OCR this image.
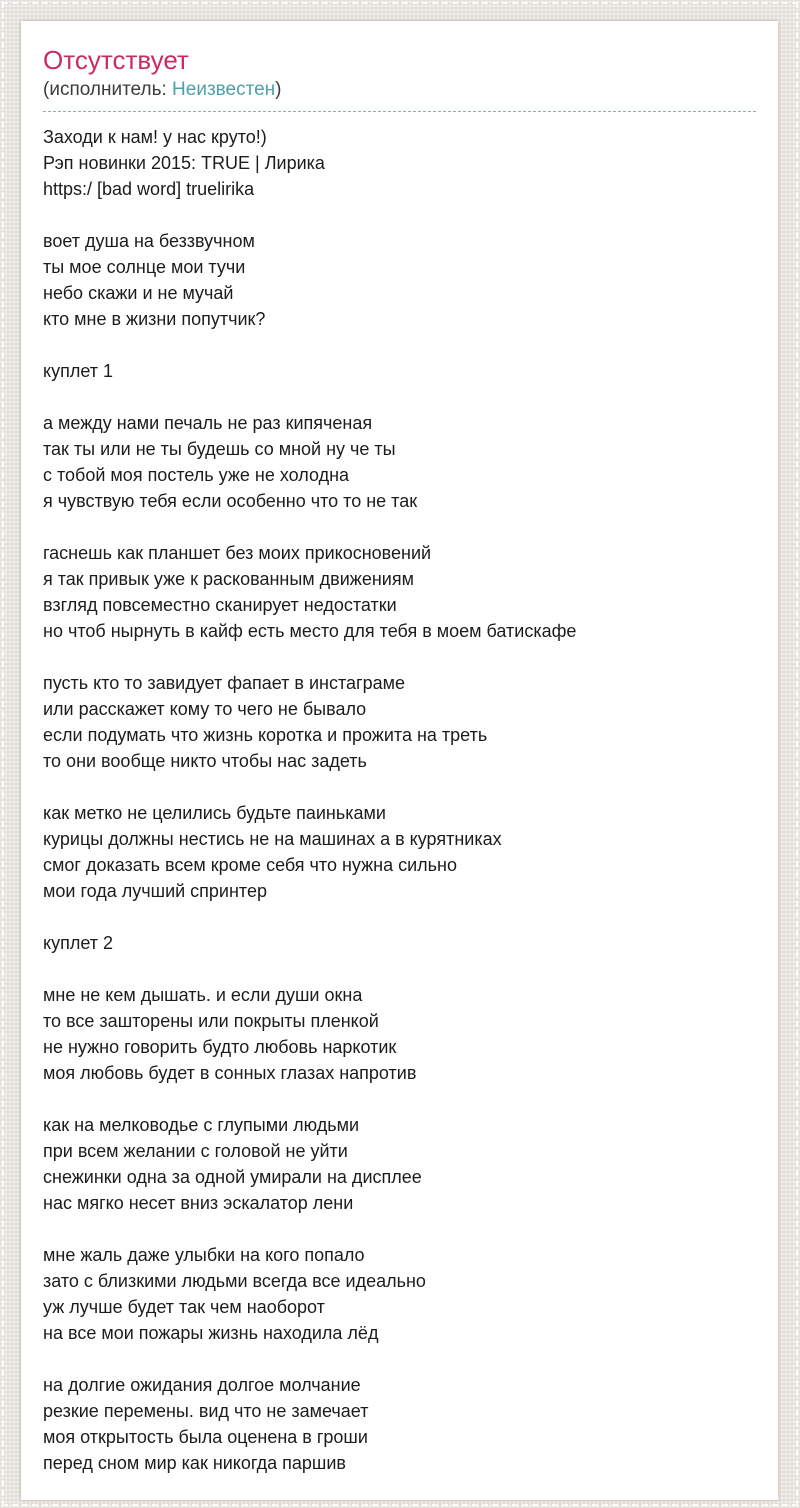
Отсутствует
(исполнитель: Неизвестен)
Заходи к нам! у нас круто!)
Рэп новинки 2015: TRUE | Лирика
https:/ [bad word] truelirika

воет душа на беззвучном
ты мое солнце мои тучи
небо скажи и не мучай
кто мне в жизни попутчик?

куплет 1

а между нами печаль не раз кипяченая
так ты или не ты будешь со мной ну че ты
с тобой моя постель уже не холодна
я чувствую тебя если особенно что то не так

гаснешь как планшет без моих прикосновений
я так привык уже к раскованным движениям
взгляд повсеместно сканирует недостатки
но чтоб нырнуть в кайф есть место для тебя в моем батискафе

пусть кто то завидует фапает в инстаграме
или расскажет кому то чего не бывало
если подумать что жизнь коротка и прожита на треть
то они вообще никто чтобы нас задеть

как метко не целились будьте паиньками
курицы должны нестись не на машинах а в курятниках
смог доказать всем кроме себя что нужна сильно
мои года лучший спринтер

куплет 2

мне не кем дышать. и если души окна
то все зашторены или покрыты пленкой
не нужно говорить будто любовь наркотик
моя любовь будет в сонных глазах напротив

как на мелководье с глупыми людьми
при всем желании с головой не уйти
снежинки одна за одной умирали на дисплее
нас мягко несет вниз эскалатор лени

мне жаль даже улыбки на кого попало
зато с близкими людьми всегда все идеально
уж лучше будет так чем наоборот
на все мои пожары жизнь находила лёд

на долгие ожидания долгое молчание
резкие перемены. вид что не замечает
моя открытость была оценена в гроши
перед сном мир как никогда паршив
